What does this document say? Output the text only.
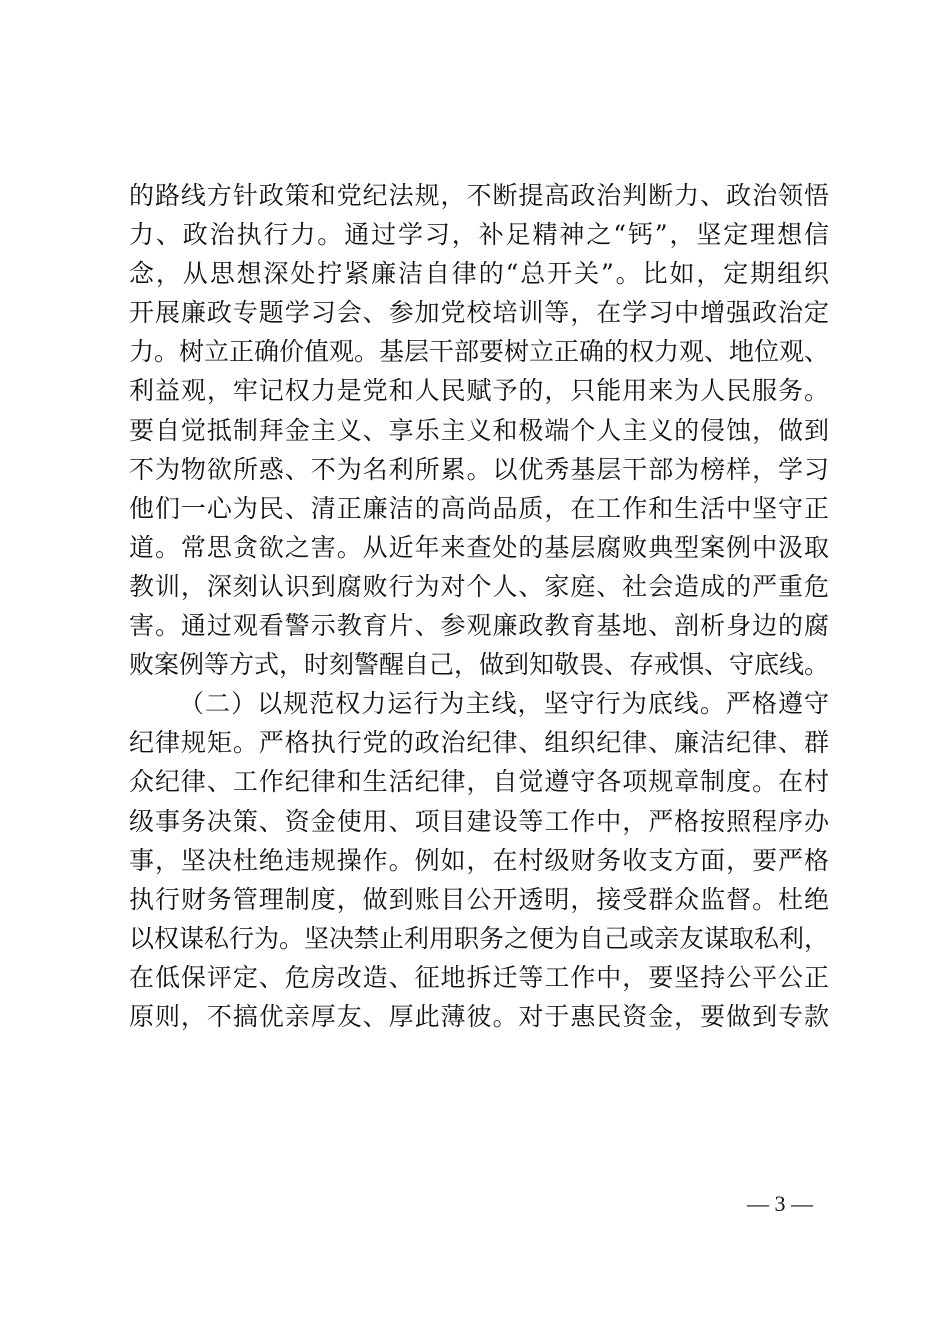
的路线方针政策和党纪法规，不断提高政治判断力、政治领悟
力、政治执行力。通过学习，补足精神之“钙”，坚定理想信
念，从思想深处拧紧廉洁自律的“总开关”。比如，定期组织
开展廉政专题学习会、参加党校培训等，在学习中增强政治定
力。树立正确价值观。基层干部要树立正确的权力观、地位观、
利益观，牢记权力是党和人民赋予的，只能用来为人民服务。
要自觉抵制拜金主义、享乐主义和极端个人主义的侵蚀，做到
不为物欲所惑、不为名利所累。以优秀基层干部为榜样，学习
他们一心为民、清正廉洁的高尚品质，在工作和生活中坚守正
道。常思贪欲之害。从近年来查处的基层腐败典型案例中汲取
教训，深刻认识到腐败行为对个人、家庭、社会造成的严重危
害。通过观看警示教育片、参观廉政教育基地、剖析身边的腐
败案例等方式，时刻警醒自己，做到知敬畏、存戒惧、守底线。
（二）以规范权力运行为主线，坚守行为底线。严格遵守
纪律规矩。严格执行党的政治纪律、组织纪律、廉洁纪律、群
众纪律、工作纪律和生活纪律，自觉遵守各项规章制度。在村
级事务决策、资金使用、项目建设等工作中，严格按照程序办
事，坚决杜绝违规操作。例如，在村级财务收支方面，要严格
执行财务管理制度，做到账目公开透明，接受群众监督。杜绝
以权谋私行为。坚决禁止利用职务之便为自己或亲友谋取私利，
在低保评定、危房改造、征地拆迁等工作中，要坚持公平公正
原则，不搞优亲厚友、厚此薄彼。对于惠民资金，要做到专款
— 3 —
